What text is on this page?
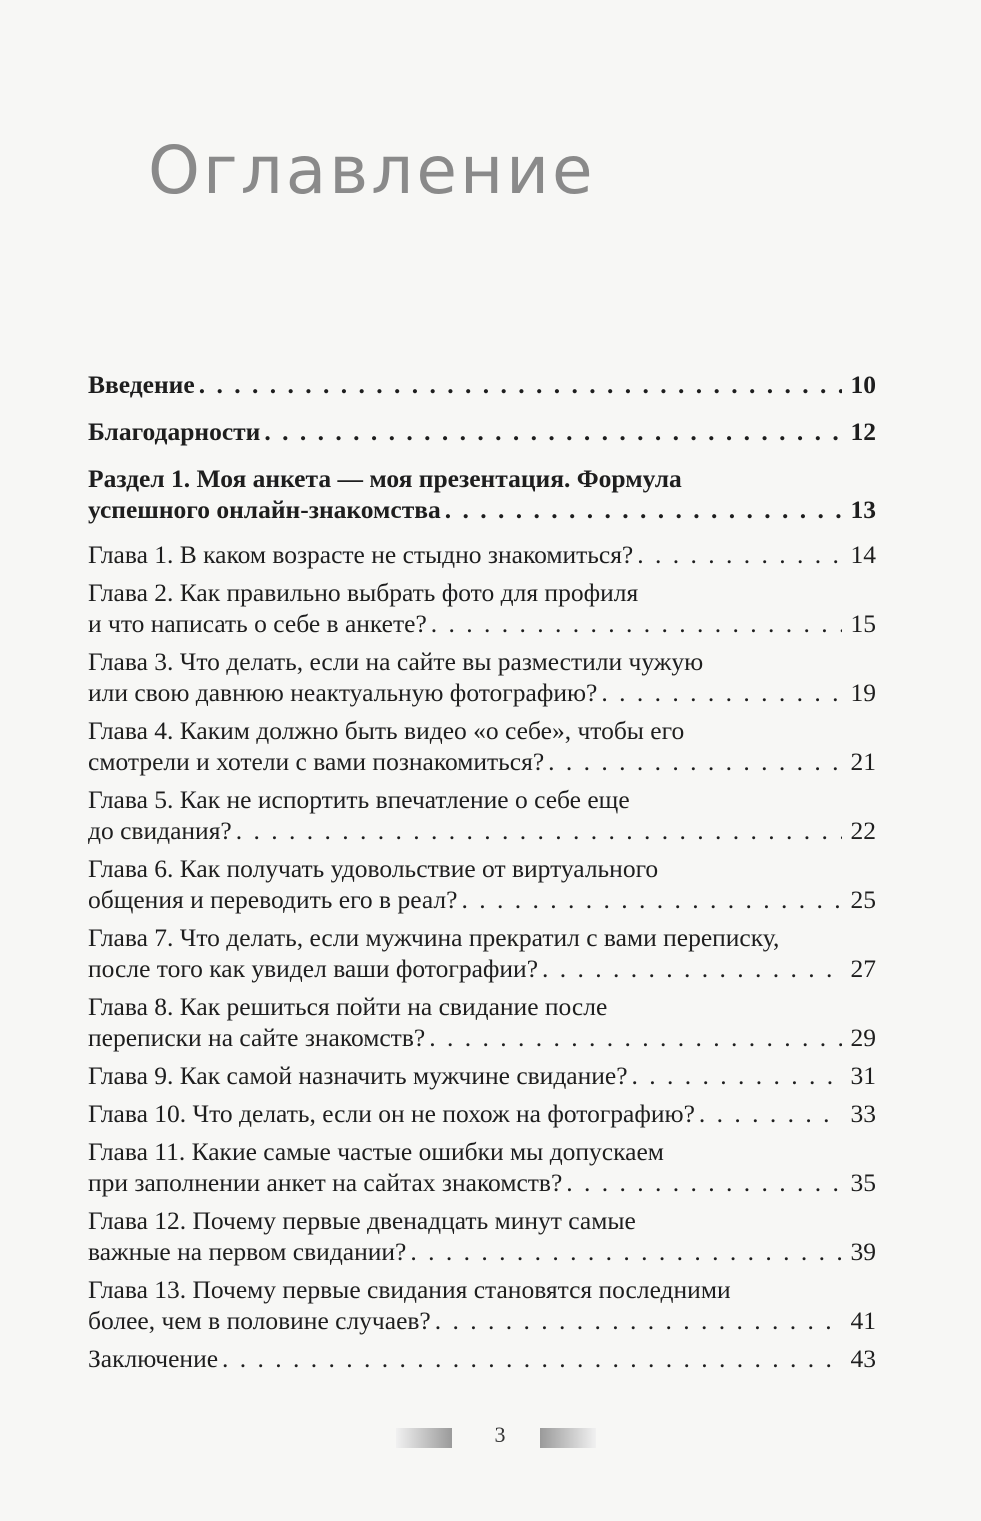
Оглавление
Введение . . .	10
Благодарности . . .	12
Раздел 1. Моя анкета — моя презентация. Формула
успешного онлайн-знакомства . . .	13
Глава 1. В каком возрасте не стыдно знакомиться? . . .	14
Глава 2. Как правильно выбрать фото для профиля
и что написать о себе в анкете? . . .	15
Глава 3. Что делать, если на сайте вы разместили чужую
или свою давнюю неактуальную фотографию? . . .	19
Глава 4. Каким должно быть видео «о себе», чтобы его
смотрели и хотели с вами познакомиться? . . .	21
Глава 5. Как не испортить впечатление о себе еще
до свидания? . . .	22
Глава 6. Как получать удовольствие от виртуального
общения и переводить его в реал? . . .	25
Глава 7. Что делать, если мужчина прекратил с вами переписку,
после того как увидел ваши фотографии? . . .	27
Глава 8. Как решиться пойти на свидание после
переписки на сайте знакомств? . . .	29
Глава 9. Как самой назначить мужчине свидание? . . .	31
Глава 10. Что делать, если он не похож на фотографию? . . .	33
Глава 11. Какие самые частые ошибки мы допускаем
при заполнении анкет на сайтах знакомств? . . .	35
Глава 12. Почему первые двенадцать минут самые
важные на первом свидании? . . .	39
Глава 13. Почему первые свидания становятся последними
более, чем в половине случаев? . . .	41
Заключение . . .	43
3
